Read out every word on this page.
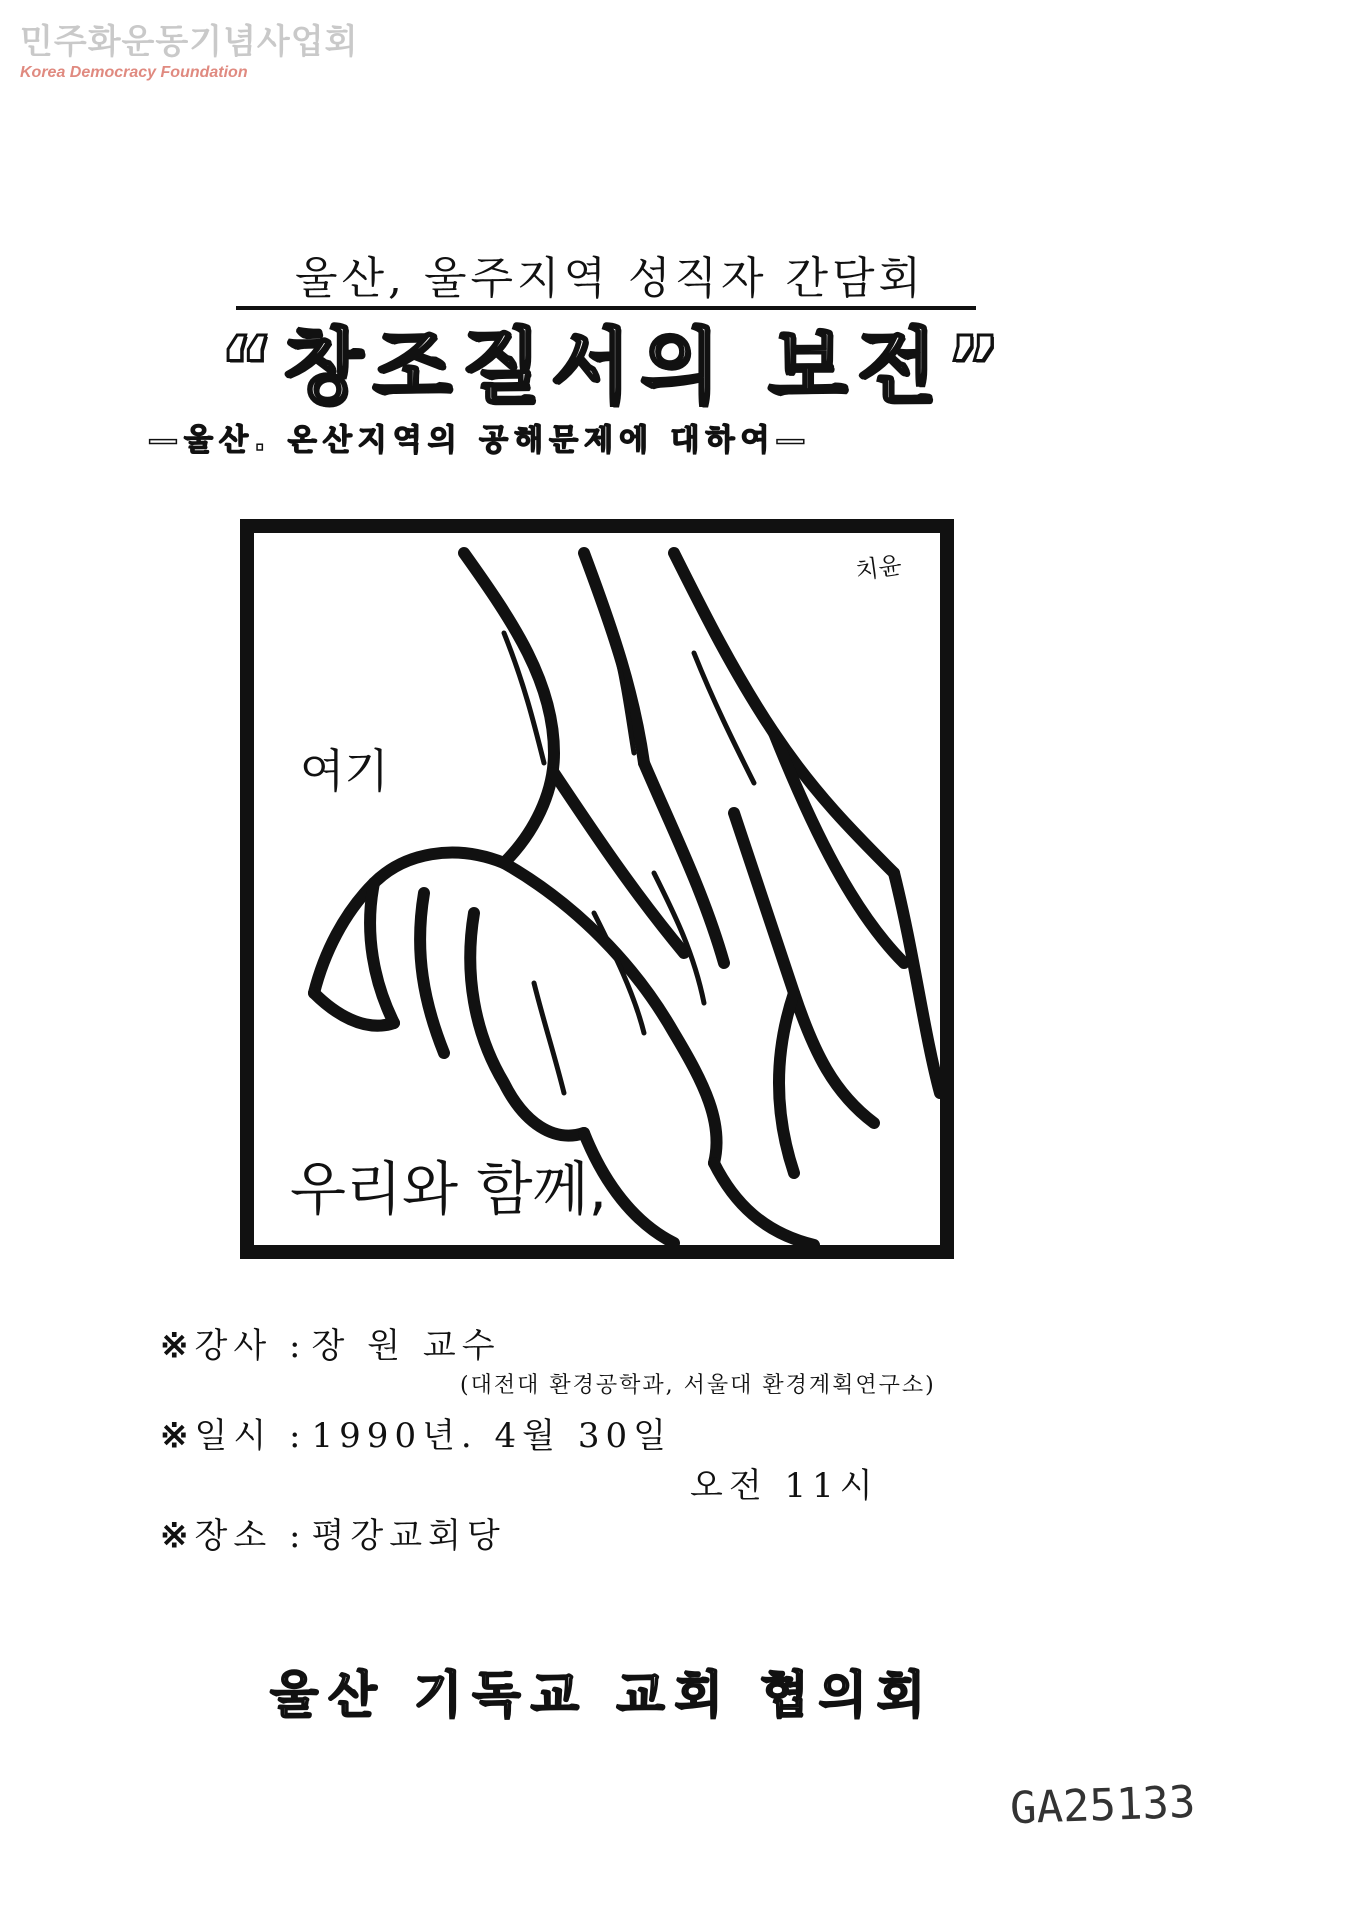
민주화운동기념사업회
Korea Democracy Foundation
울산, 울주지역 성직자 간담회
“창조질서의 보전”
—울산. 온산지역의 공해문제에 대하여—
치윤
여기
우리와 함께,
※강사 : 장 원 교수
(대전대 환경공학과, 서울대 환경계획연구소)
※일시 : 1990년. 4월 30일
오전 11시
※장소 : 평강교회당
울산 기독교 교회 협의회
GA25133
